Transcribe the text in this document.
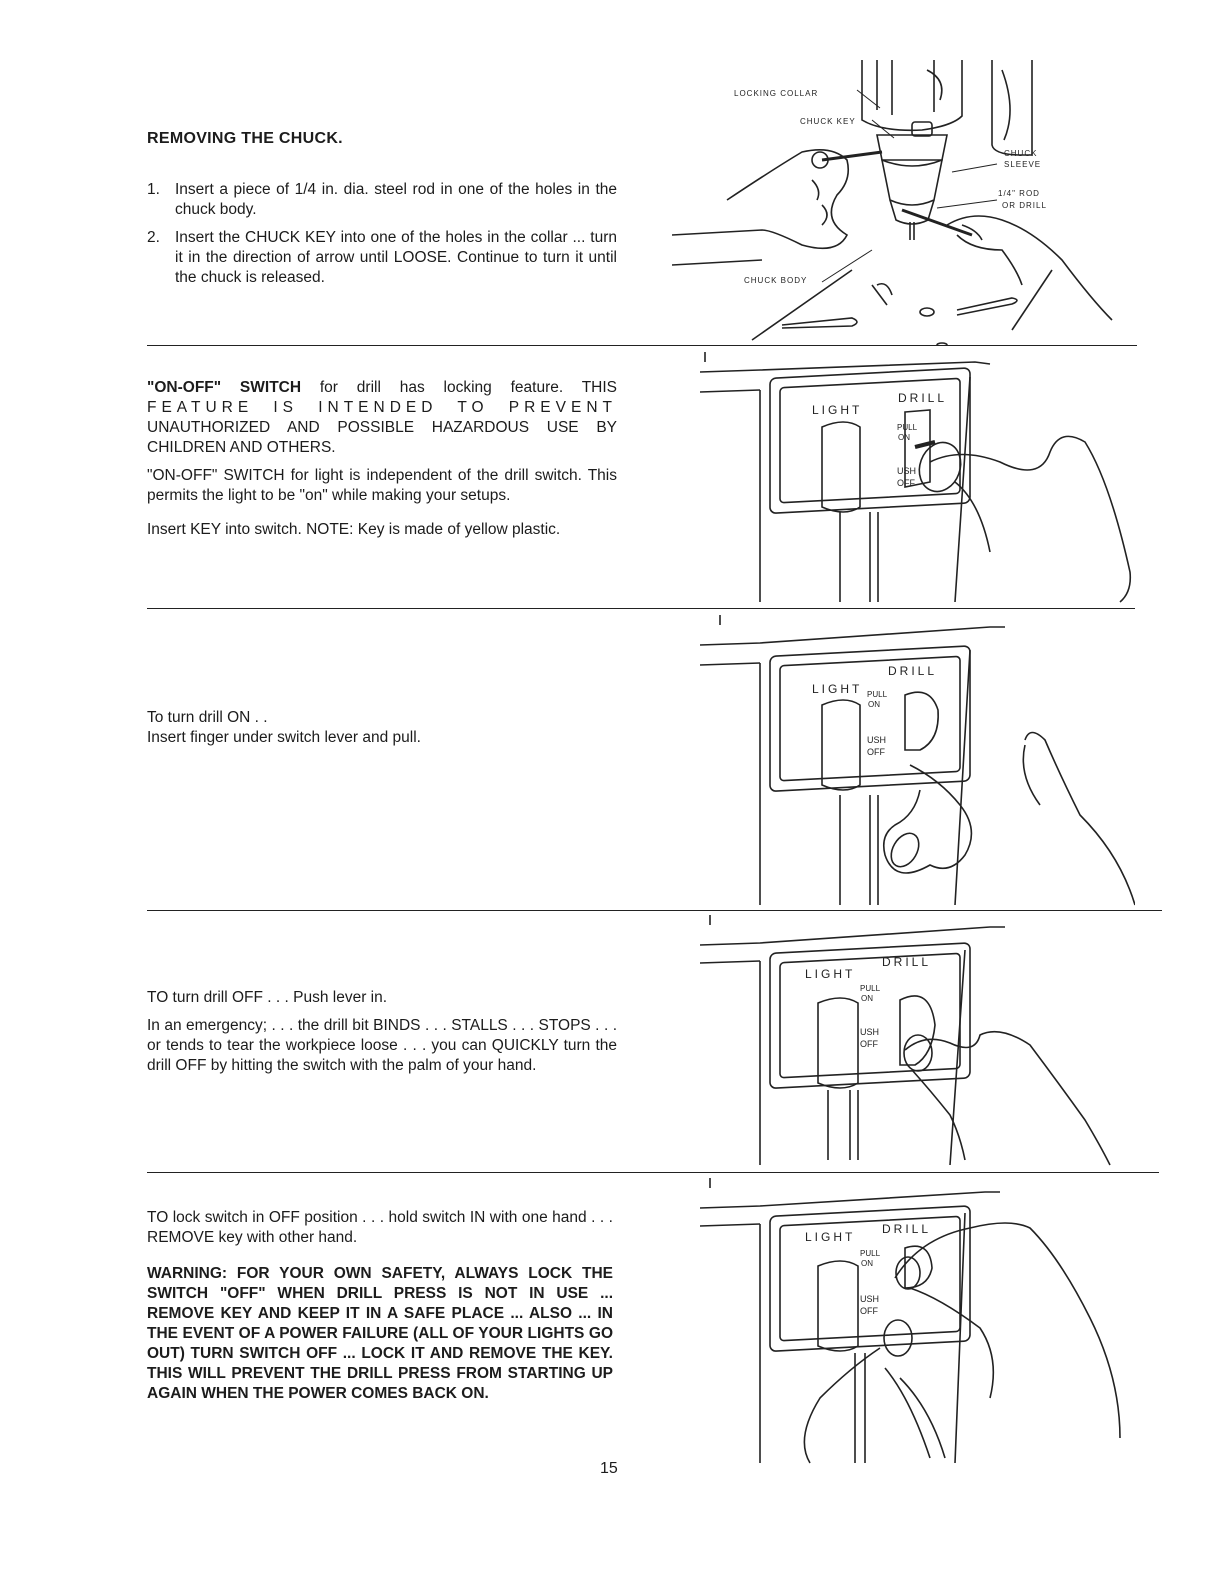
REMOVING THE CHUCK.
1. Insert a piece of 1/4 in. dia. steel rod in one of the holes in the chuck body.
2. Insert the CHUCK KEY into one of the holes in the collar ... turn it in the direction of arrow until LOOSE. Continue to turn it until the chuck is released.
LOCKING COLLAR
CHUCK KEY
CHUCK
SLEEVE
1/4" ROD
OR DRILL
CHUCK BODY

"ON-OFF" SWITCH for drill has locking feature. THIS FEATURE IS INTENDED TO PREVENT UNAUTHORIZED AND POSSIBLE HAZARDOUS USE BY CHILDREN AND OTHERS.

"ON-OFF" SWITCH for light is independent of the drill switch. This permits the light to be "on" while making your setups.

Insert KEY into switch. NOTE: Key is made of yellow plastic.

LIGHT
DRILL
PULL
ON
USH
OFF
To turn drill ON . .
Insert finger under switch lever and pull.
LIGHT
DRILL
PULL
ON
USH
OFF

TO turn drill OFF . . . Push lever in.

In an emergency; . . . the drill bit BINDS . . . STALLS . . . STOPS . . . or tends to tear the workpiece loose . . . you can QUICKLY turn the drill OFF by hitting the switch with the palm of your hand.

LIGHT
DRILL
PULL
ON
USH
OFF

TO lock switch in OFF position . . . hold switch IN with one hand . . . REMOVE key with other hand.

WARNING: FOR YOUR OWN SAFETY, ALWAYS LOCK THE SWITCH "OFF" WHEN DRILL PRESS IS NOT IN USE ... REMOVE KEY AND KEEP IT IN A SAFE PLACE ... ALSO ... IN THE EVENT OF A POWER FAILURE (ALL OF YOUR LIGHTS GO OUT) TURN SWITCH OFF ... LOCK IT AND REMOVE THE KEY. THIS WILL PREVENT THE DRILL PRESS FROM STARTING UP AGAIN WHEN THE POWER COMES BACK ON.

LIGHT
DRILL
PULL
ON
USH
OFF
15
